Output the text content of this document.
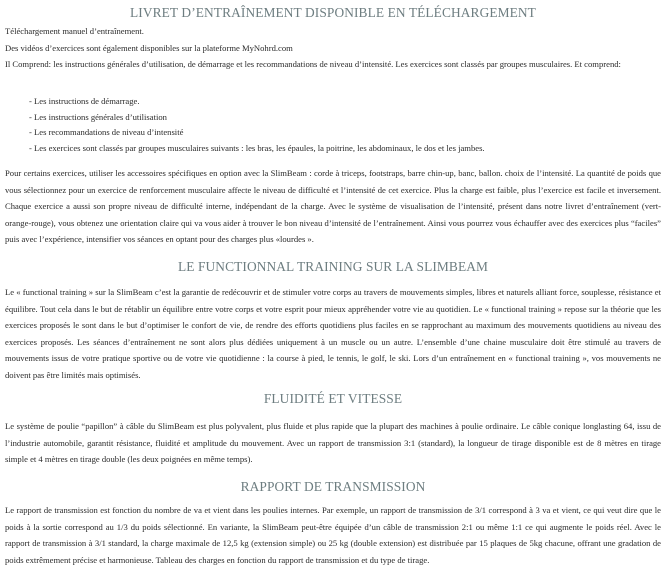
LIVRET D’ENTRAÎNEMENT DISPONIBLE EN TÉLÉCHARGEMENT

Téléchargement manuel d’entraînement.

Des vidéos d’exercices sont également disponibles sur la plateforme MyNohrd.com

Il Comprend: les instructions générales d’utilisation, de démarrage et les recommandations de niveau d’intensité. Les exercices sont classés par groupes musculaires. Et comprend:

- Les instructions de démarrage.
- Les instructions générales d’utilisation
- Les recommandations de niveau d’intensité
- Les exercices sont classés par groupes musculaires suivants : les bras, les épaules, la poitrine, les abdominaux, le dos et les jambes.

Pour certains exercices, utiliser les accessoires spécifiques en option avec la SlimBeam : corde à triceps, footstraps, barre chin-up, banc, ballon. choix de l’intensité. La quantité de poids que vous sélectionnez pour un exercice de renforcement musculaire affecte le niveau de difficulté et l’intensité de cet exercice. Plus la charge est faible, plus l’exercice est facile et inversement. Chaque exercice a aussi son propre niveau de difficulté interne, indépendant de la charge. Avec le système de visualisation de l’intensité, présent dans notre livret d’entraînement (vert-orange-rouge), vous obtenez une orientation claire qui va vous aider à trouver le bon niveau d’intensité de l’entraînement. Ainsi vous pourrez vous échauffer avec des exercices plus “faciles” puis avec l’expérience, intensifier vos séances en optant pour des charges plus «lourdes ».

LE FUNCTIONNAL TRAINING SUR LA SLIMBEAM

Le « functional training » sur la SlimBeam c’est la garantie de redécouvrir et de stimuler votre corps au travers de mouvements simples, libres et naturels alliant force, souplesse, résistance et équilibre. Tout cela dans le but de rétablir un équilibre entre votre corps et votre esprit pour mieux appréhender votre vie au quotidien. Le « functional training » repose sur la théorie que les exercices proposés le sont dans le but d’optimiser le confort de vie, de rendre des efforts quotidiens plus faciles en se rapprochant au maximum des mouvements quotidiens au niveau des exercices proposés. Les séances d’entraînement ne sont alors plus dédiées uniquement à un muscle ou un autre. L’ensemble d’une chaine musculaire doit être stimulé au travers de mouvements issus de votre pratique sportive ou de votre vie quotidienne : la course à pied, le tennis, le golf, le ski. Lors d’un entraînement en « functional training », vos mouvements ne doivent pas être limités mais optimisés.

FLUIDITÉ ET VITESSE

Le système de poulie “papillon” à câble du SlimBeam est plus polyvalent, plus fluide et plus rapide que la plupart des machines à poulie ordinaire. Le câble conique longlasting 64, issu de l’industrie automobile, garantit résistance, fluidité et amplitude du mouvement. Avec un rapport de transmission 3:1 (standard), la longueur de tirage disponible est de 8 mètres en tirage simple et 4 mètres en tirage double (les deux poignées en même temps).

RAPPORT DE TRANSMISSION

Le rapport de transmission est fonction du nombre de va et vient dans les poulies internes. Par exemple, un rapport de transmission de 3/1 correspond à 3 va et vient, ce qui veut dire que le poids à la sortie correspond au 1/3 du poids sélectionné. En variante, la SlimBeam peut-être équipée d’un câble de transmission 2:1 ou même 1:1 ce qui augmente le poids réel. Avec le rapport de transmission à 3/1 standard, la charge maximale de 12,5 kg (extension simple) ou 25 kg (double extension) est distribuée par 15 plaques de 5kg chacune, offrant une gradation de poids extrêmement précise et harmonieuse. Tableau des charges en fonction du rapport de transmission et du type de tirage.
